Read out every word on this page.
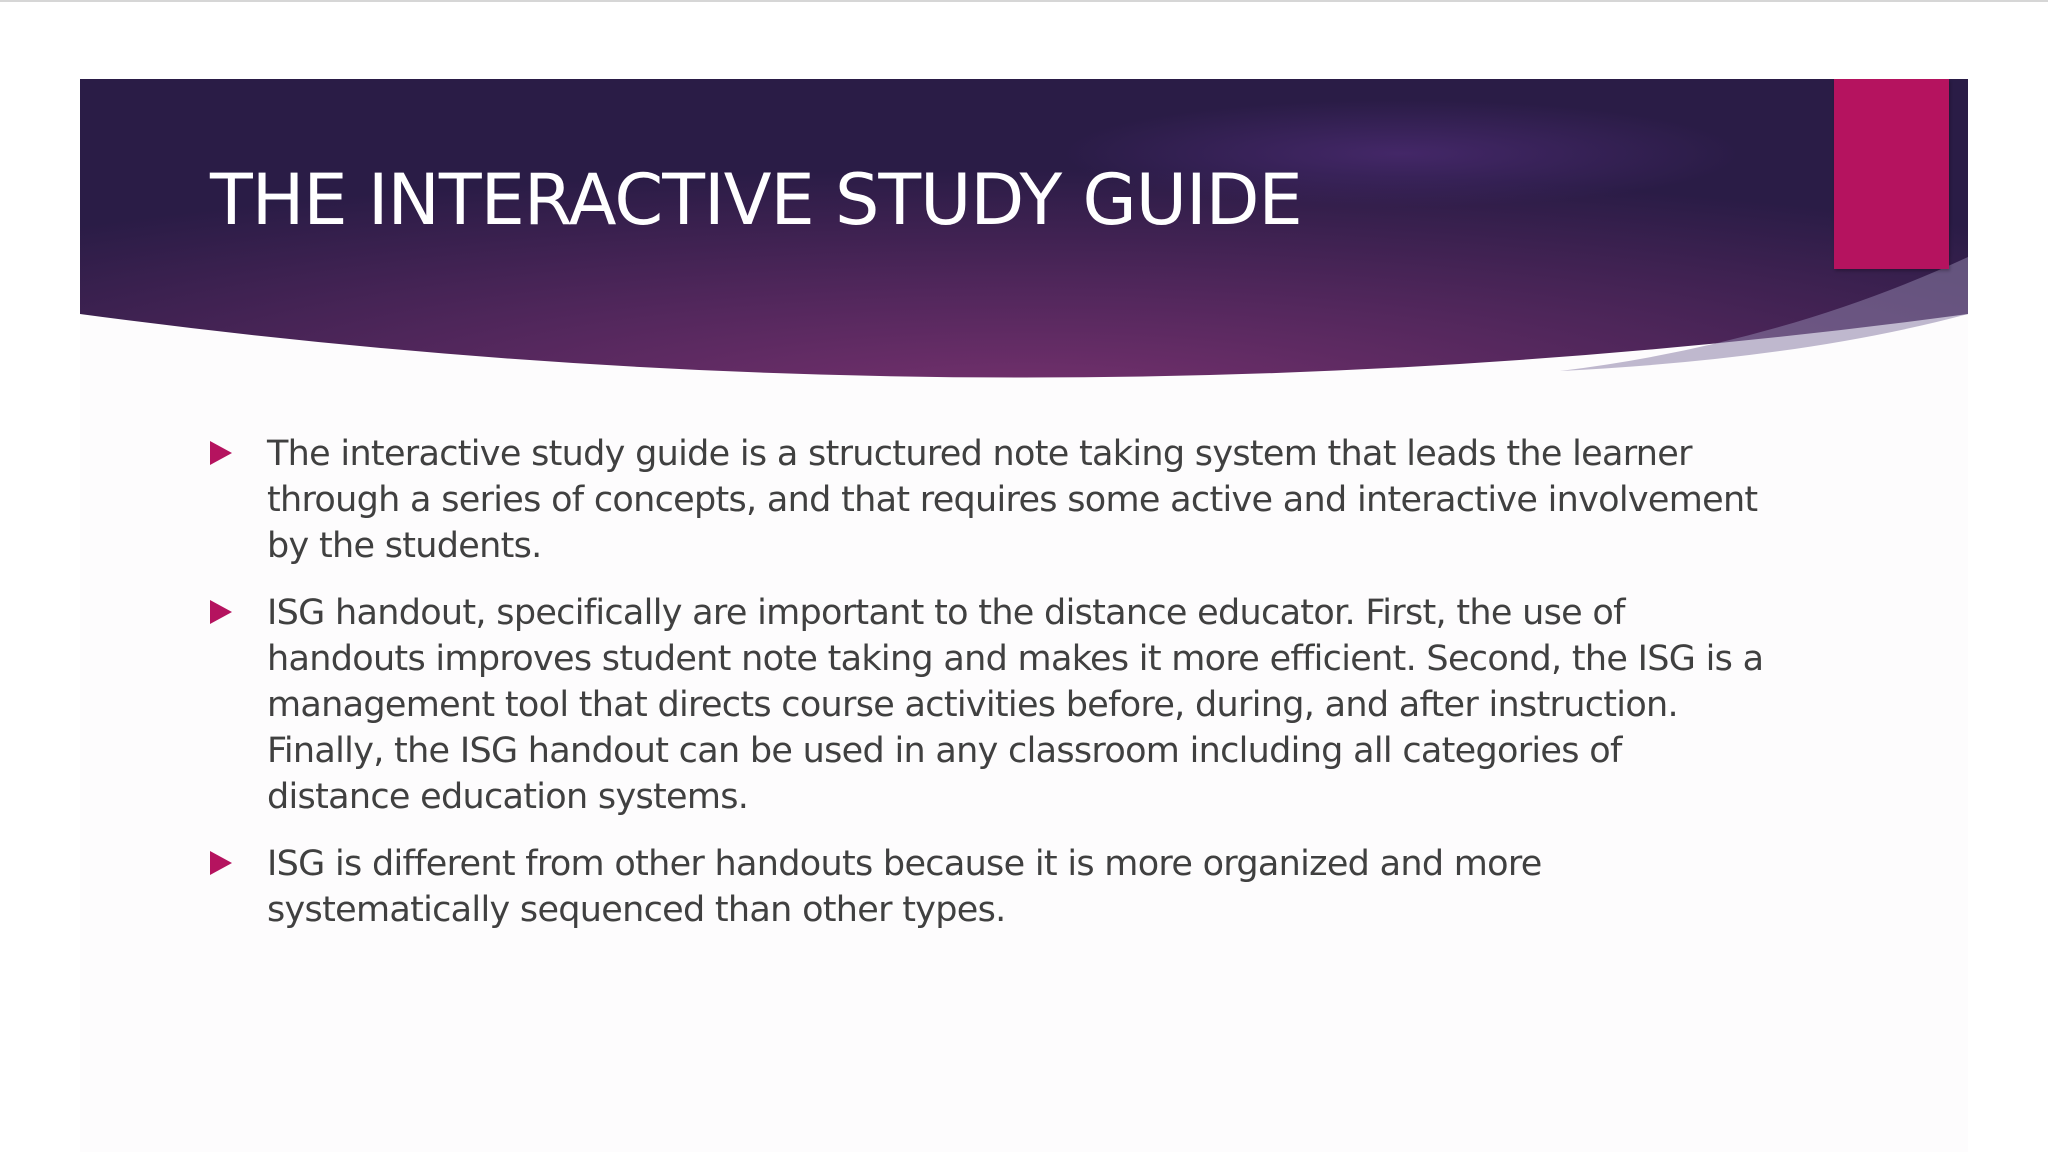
THE INTERACTIVE STUDY GUIDE
The interactive study guide is a structured note taking system that leads the learner through a series of concepts, and that requires some active and interactive involvement by the students.
ISG handout, specifically are important to the distance educator. First, the use of handouts improves student note taking and makes it more efficient. Second, the ISG is a management tool that directs course activities before, during, and after instruction. Finally, the ISG handout can be used in any classroom including all categories of distance education systems.
ISG is different from other handouts because it is more organized and more systematically sequenced than other types.
